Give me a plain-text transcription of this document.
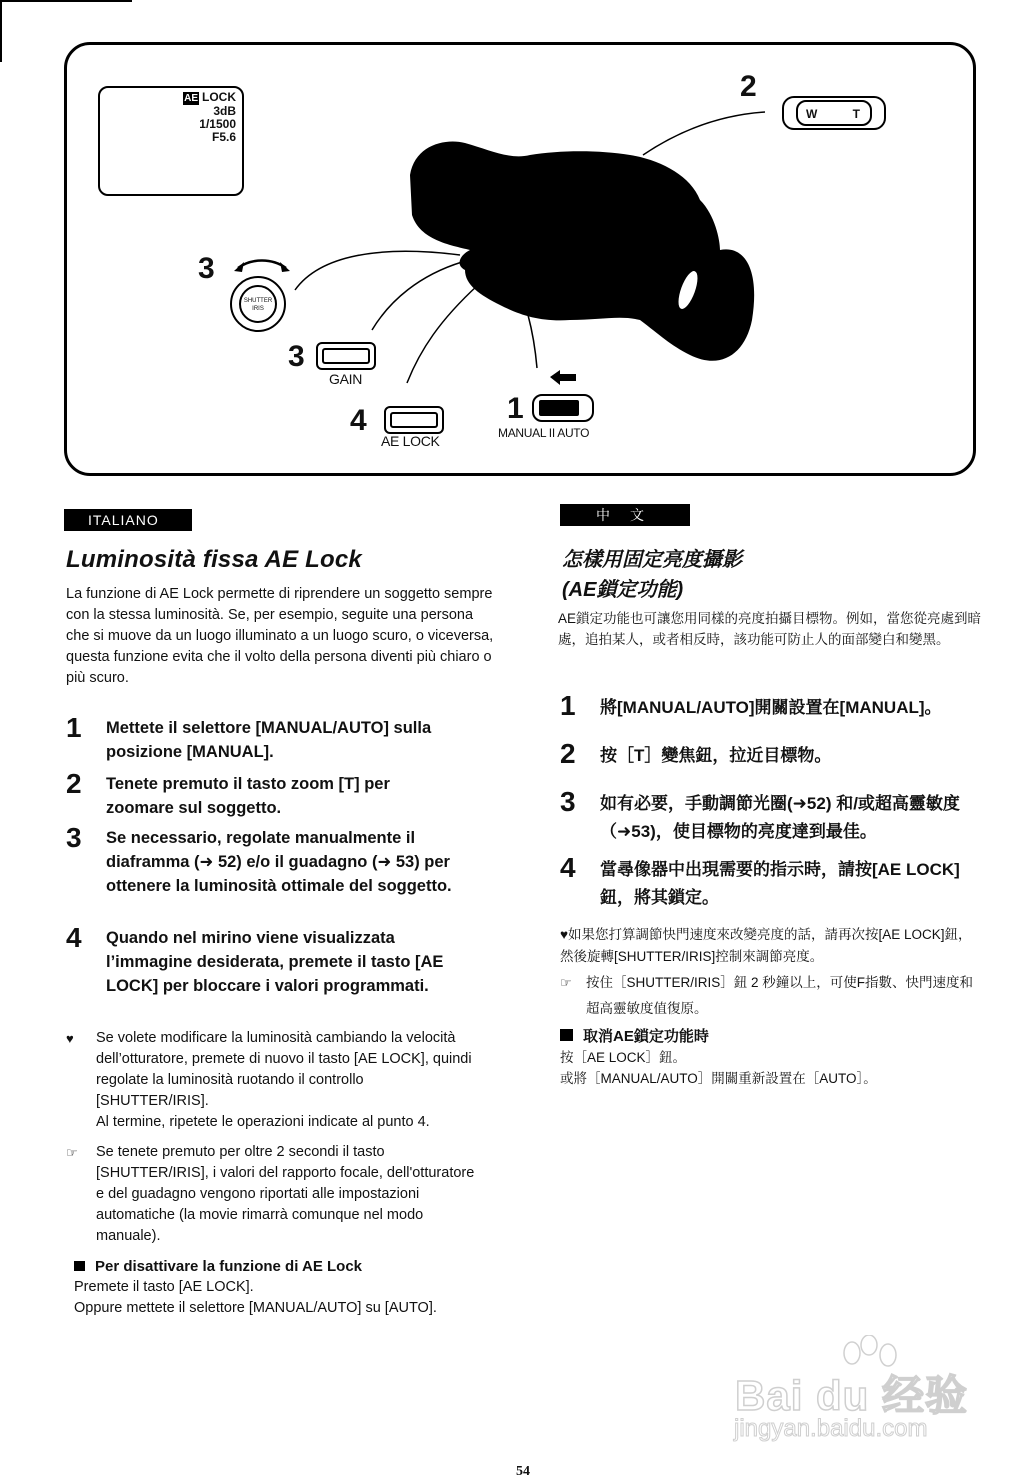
AE LOCK
3dB
1/1500
F5.6
2
W	T
3
SHUTTER
IRIS
3
GAIN
4
AE LOCK
1
MANUAL II AUTO
ITALIANO
Luminosità fissa AE Lock
La funzione di AE Lock permette di riprendere un soggetto sempre con la stessa luminosità. Se, per esempio, seguite una persona che si muove da un luogo illuminato a un luogo scuro, o viceversa, questa funzione evita che il volto della persona diventi più chiaro o più scuro.
1 Mettete il selettore [MANUAL/AUTO] sulla posizione [MANUAL].
2 Tenete premuto il tasto zoom [T] per zoomare sul soggetto.
3 Se necessario, regolate manualmente il diaframma (➜ 52) e/o il guadagno (➜ 53) per ottenere la luminosità ottimale del soggetto.
4 Quando nel mirino viene visualizzata l’immagine desiderata, premete il tasto [AE LOCK] per bloccare i valori programmati.
♥ Se volete modificare la luminosità cambiando la velocità dell’otturatore, premete di nuovo il tasto [AE LOCK], quindi regolate la luminosità ruotando il controllo [SHUTTER/IRIS].
Al termine, ripetete le operazioni indicate al punto 4.
☞ Se tenete premuto per oltre 2 secondi il tasto [SHUTTER/IRIS], i valori del rapporto focale, dell'otturatore e del guadagno vengono riportati alle impostazioni automatiche (la movie rimarrà comunque nel modo manuale).
Per disattivare la funzione di AE Lock
Premete il tasto [AE LOCK].
Oppure mettete il selettore [MANUAL/AUTO] su [AUTO].
中　文
怎樣用固定亮度攝影
(AE鎖定功能)
AE鎖定功能也可讓您用同樣的亮度拍攝目標物。例如，當您從亮處到暗處，追拍某人，或者相反時，該功能可防止人的面部變白和變黑。
1 將[MANUAL/AUTO]開關設置在[MANUAL]。
2 按［T］變焦鈕，拉近目標物。
3 如有必要，手動調節光圈(➜52) 和/或超高靈敏度（➜53)，使目標物的亮度達到最佳。
4 當尋像器中出現需要的指示時，請按[AE LOCK]鈕，將其鎖定。
♥如果您打算調節快門速度來改變亮度的話，請再次按[AE LOCK]鈕，然後旋轉[SHUTTER/IRIS]控制來調節亮度。
☞ 按住［SHUTTER/IRIS］鈕 2 秒鐘以上，可使F指數、快門速度和超高靈敏度值復原。
取消AE鎖定功能時
按［AE LOCK］鈕。
或將［MANUAL/AUTO］開關重新設置在［AUTO］。
Bai du 经验
jingyan.baidu.com
54
